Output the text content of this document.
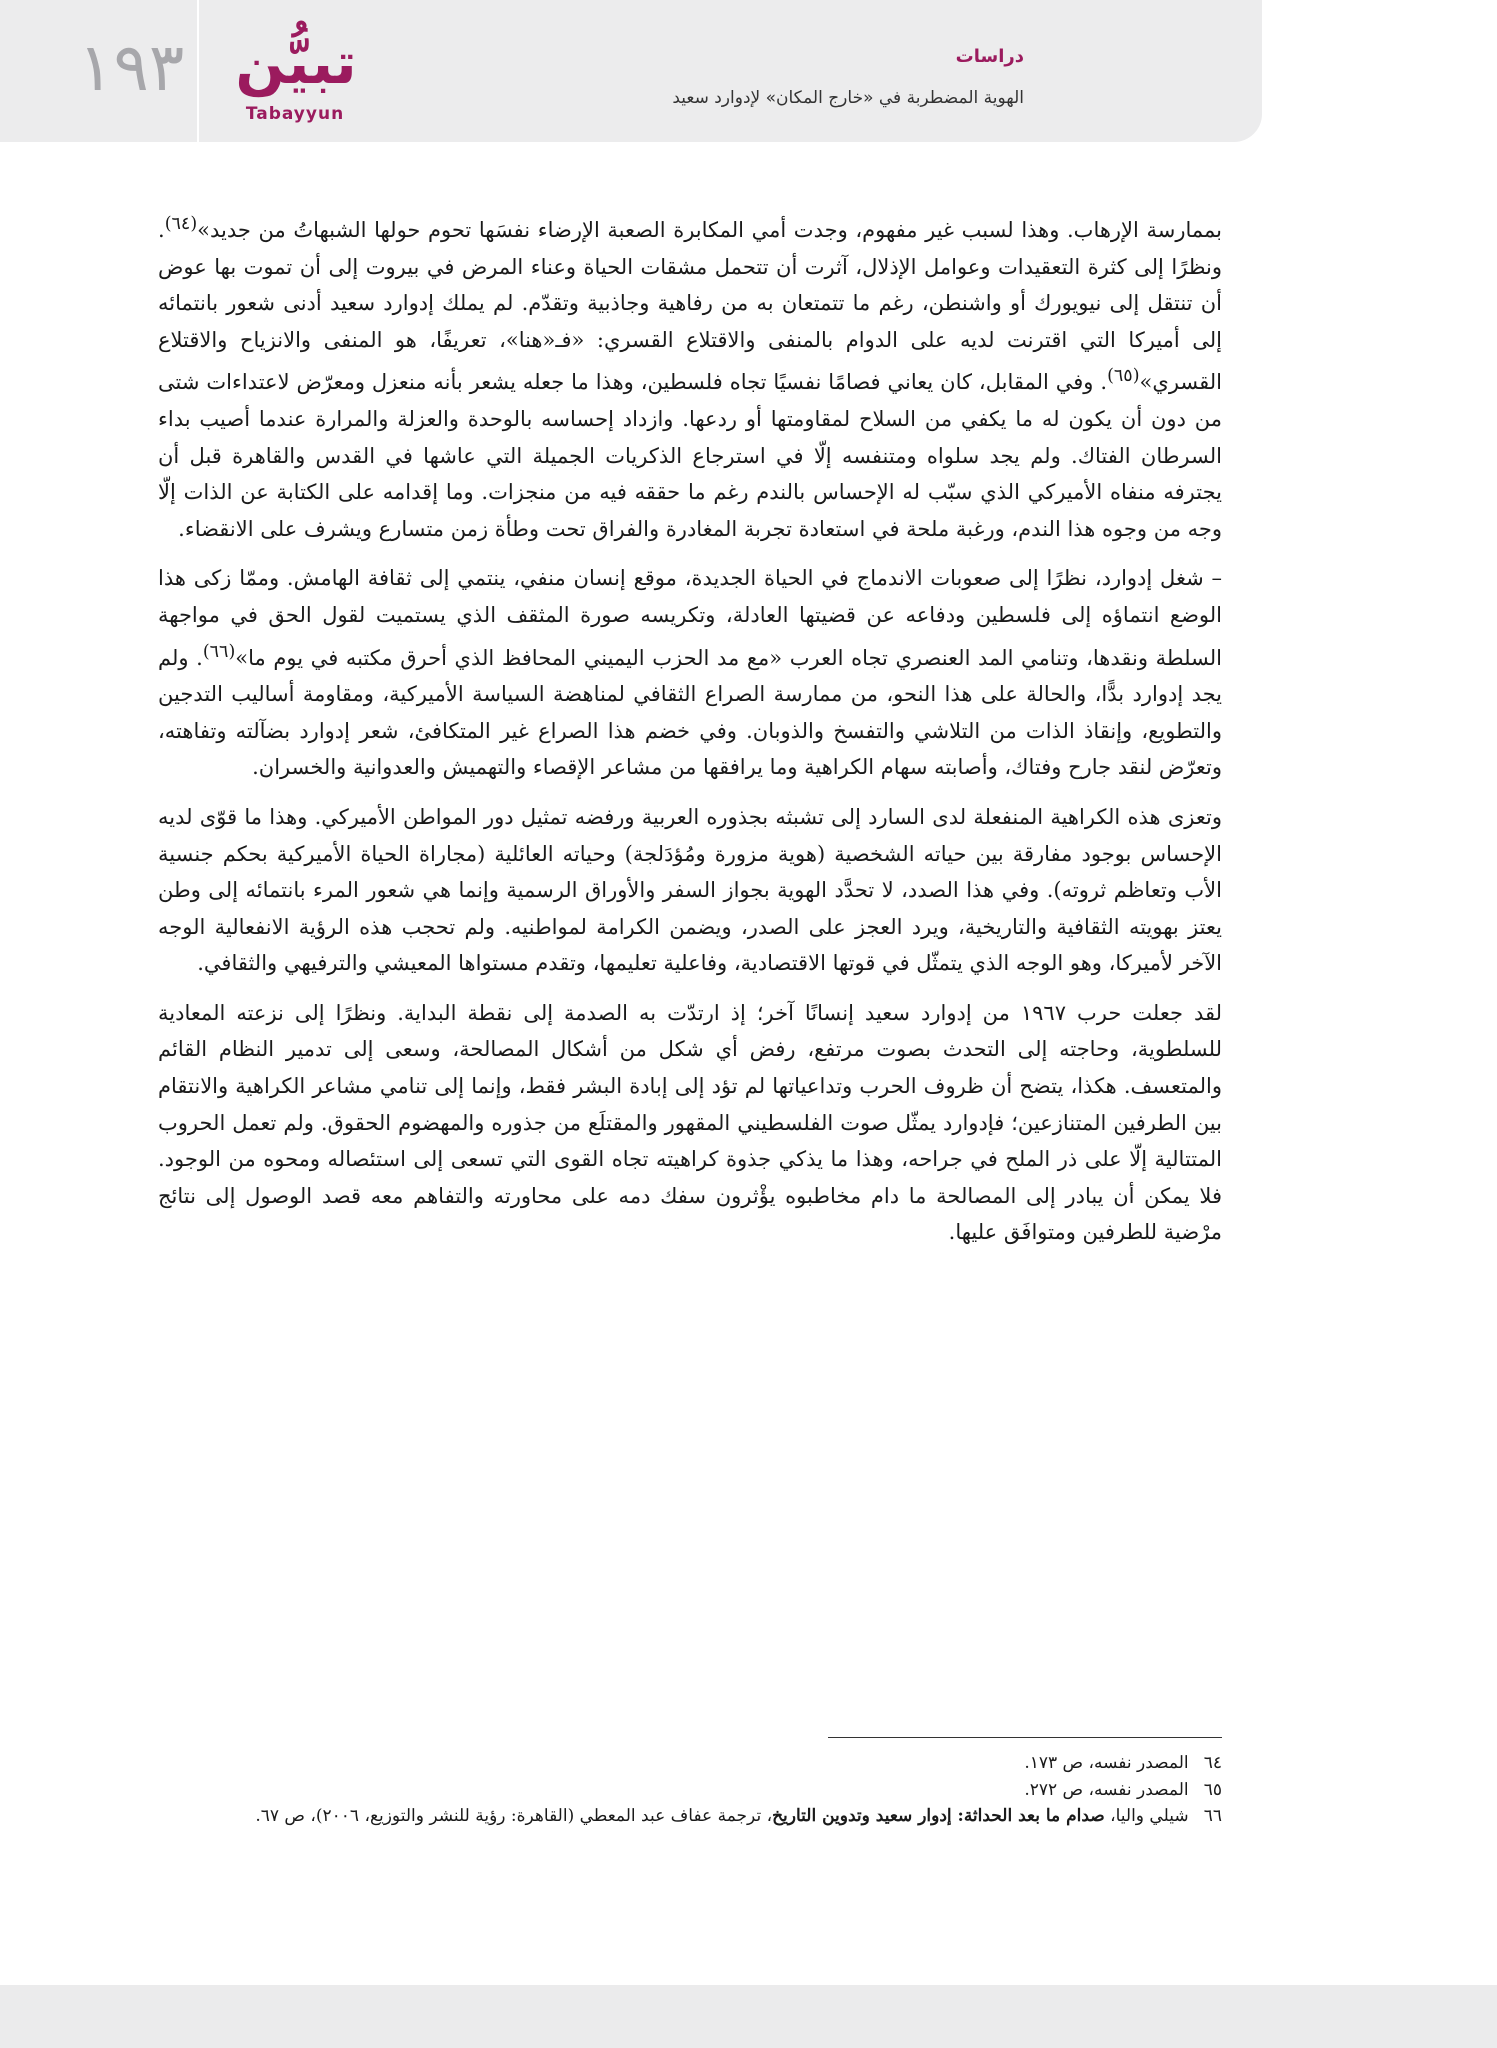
١٩٣ تبيُّن
Tabayyun
دراسات
الهوية المضطربة في «خارج المكان» لإدوارد سعيد

بممارسة الإرهاب. وهذا لسبب غير مفهوم، وجدت أمي المكابرة الصعبة الإرضاء نفسَها تحوم حولها الشبهاتُ من جديد»$^{(٦٤)}$. ونظرًا إلى كثرة التعقيدات وعوامل الإذلال، آثرت أن تتحمل مشقات الحياة وعناء المرض في بيروت إلى أن تموت بها عوض أن تنتقل إلى نيويورك أو واشنطن، رغم ما تتمتعان به من رفاهية وجاذبية وتقدّم. لم يملك إدوارد سعيد أدنى شعور بانتمائه إلى أميركا التي اقترنت لديه على الدوام بالمنفى والاقتلاع القسري: «فـ«هنا»، تعريفًا، هو المنفى والانزياح والاقتلاع القسري»$^{(٦٥)}$. وفي المقابل، كان يعاني فصامًا نفسيًا تجاه فلسطين، وهذا ما جعله يشعر بأنه منعزل ومعرّض لاعتداءات شتى من دون أن يكون له ما يكفي من السلاح لمقاومتها أو ردعها. وازداد إحساسه بالوحدة والعزلة والمرارة عندما أصيب بداء السرطان الفتاك. ولم يجد سلواه ومتنفسه إلّا في استرجاع الذكريات الجميلة التي عاشها في القدس والقاهرة قبل أن يجترفه منفاه الأميركي الذي سبّب له الإحساس بالندم رغم ما حققه فيه من منجزات. وما إقدامه على الكتابة عن الذات إلّا وجه من وجوه هذا الندم، ورغبة ملحة في استعادة تجربة المغادرة والفراق تحت وطأة زمن متسارع ويشرف على الانقضاء.

– شغل إدوارد، نظرًا إلى صعوبات الاندماج في الحياة الجديدة، موقع إنسان منفي، ينتمي إلى ثقافة الهامش. وممّا زكى هذا الوضع انتماؤه إلى فلسطين ودفاعه عن قضيتها العادلة، وتكريسه صورة المثقف الذي يستميت لقول الحق في مواجهة السلطة ونقدها، وتنامي المد العنصري تجاه العرب «مع مد الحزب اليميني المحافظ الذي أحرق مكتبه في يوم ما»$^{(٦٦)}$. ولم يجد إدوارد بدًّا، والحالة على هذا النحو، من ممارسة الصراع الثقافي لمناهضة السياسة الأميركية، ومقاومة أساليب التدجين والتطويع، وإنقاذ الذات من التلاشي والتفسخ والذوبان. وفي خضم هذا الصراع غير المتكافئ، شعر إدوارد بضآلته وتفاهته، وتعرّض لنقد جارح وفتاك، وأصابته سهام الكراهية وما يرافقها من مشاعر الإقصاء والتهميش والعدوانية والخسران.

وتعزى هذه الكراهية المنفعلة لدى السارد إلى تشبثه بجذوره العربية ورفضه تمثيل دور المواطن الأميركي. وهذا ما قوّى لديه الإحساس بوجود مفارقة بين حياته الشخصية (هوية مزورة ومُؤدَلجة) وحياته العائلية (مجاراة الحياة الأميركية بحكم جنسية الأب وتعاظم ثروته). وفي هذا الصدد، لا تحدَّد الهوية بجواز السفر والأوراق الرسمية وإنما هي شعور المرء بانتمائه إلى وطن يعتز بهويته الثقافية والتاريخية، ويرد العجز على الصدر، ويضمن الكرامة لمواطنيه. ولم تحجب هذه الرؤية الانفعالية الوجه الآخر لأميركا، وهو الوجه الذي يتمثّل في قوتها الاقتصادية، وفاعلية تعليمها، وتقدم مستواها المعيشي والترفيهي والثقافي.

لقد جعلت حرب ١٩٦٧ من إدوارد سعيد إنسانًا آخر؛ إذ ارتدّت به الصدمة إلى نقطة البداية. ونظرًا إلى نزعته المعادية للسلطوية، وحاجته إلى التحدث بصوت مرتفع، رفض أي شكل من أشكال المصالحة، وسعى إلى تدمير النظام القائم والمتعسف. هكذا، يتضح أن ظروف الحرب وتداعياتها لم تؤد إلى إبادة البشر فقط، وإنما إلى تنامي مشاعر الكراهية والانتقام بين الطرفين المتنازعين؛ فإدوارد يمثّل صوت الفلسطيني المقهور والمقتلَع من جذوره والمهضوم الحقوق. ولم تعمل الحروب المتتالية إلّا على ذر الملح في جراحه، وهذا ما يذكي جذوة كراهيته تجاه القوى التي تسعى إلى استئصاله ومحوه من الوجود. فلا يمكن أن يبادر إلى المصالحة ما دام مخاطبوه يؤْثرون سفك دمه على محاورته والتفاهم معه قصد الوصول إلى نتائج مرْضية للطرفين ومتوافَق عليها.

٦٤ المصدر نفسه، ص ١٧٣.

٦٥ المصدر نفسه، ص ٢٧٢.

٦٦ شيلي واليا، صدام ما بعد الحداثة: إدوار سعيد وتدوين التاريخ، ترجمة عفاف عبد المعطي (القاهرة: رؤية للنشر والتوزيع، ٢٠٠٦)، ص ٦٧.
